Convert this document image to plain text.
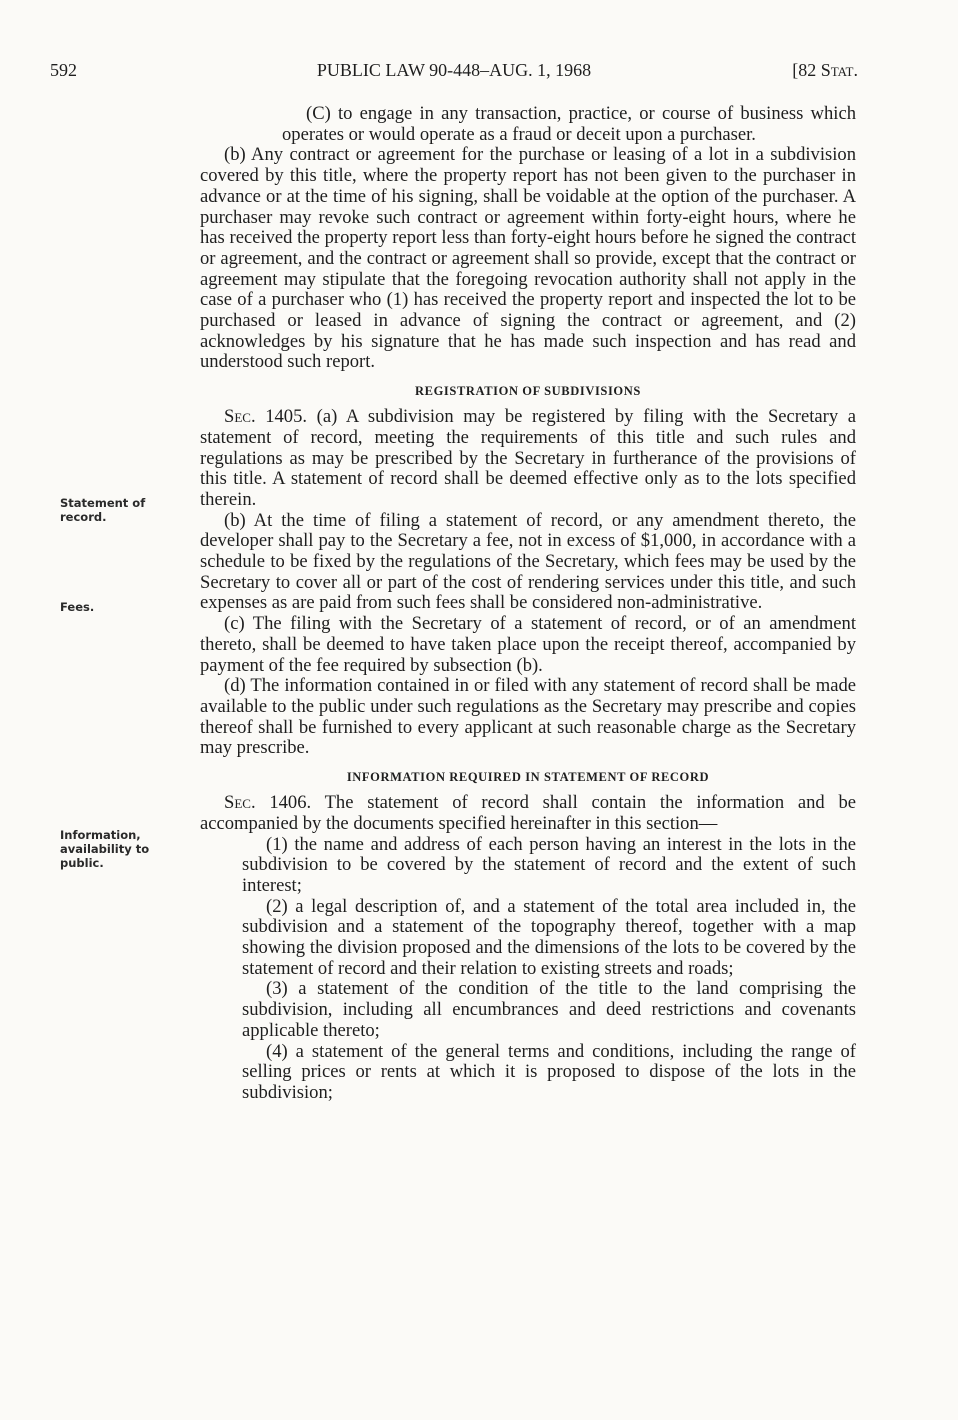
592	PUBLIC LAW 90-448–AUG. 1, 1968	[82 Stat.
Statement of record.
Fees.
Information, availability to public.

(C) to engage in any transaction, practice, or course of business which operates or would operate as a fraud or deceit upon a purchaser.

(b) Any contract or agreement for the purchase or leasing of a lot in a subdivision covered by this title, where the property report has not been given to the purchaser in advance or at the time of his signing, shall be voidable at the option of the purchaser. A purchaser may revoke such contract or agreement within forty-eight hours, where he has received the property report less than forty-eight hours before he signed the contract or agreement, and the contract or agreement shall so provide, except that the contract or agreement may stipulate that the foregoing revocation authority shall not apply in the case of a purchaser who (1) has received the property report and inspected the lot to be purchased or leased in advance of signing the contract or agreement, and (2) acknowledges by his signature that he has made such inspection and has read and understood such report.

REGISTRATION OF SUBDIVISIONS

Sec. 1405. (a) A subdivision may be registered by filing with the Secretary a statement of record, meeting the requirements of this title and such rules and regulations as may be prescribed by the Secretary in furtherance of the provisions of this title. A statement of record shall be deemed effective only as to the lots specified therein.

(b) At the time of filing a statement of record, or any amendment thereto, the developer shall pay to the Secretary a fee, not in excess of $1,000, in accordance with a schedule to be fixed by the regulations of the Secretary, which fees may be used by the Secretary to cover all or part of the cost of rendering services under this title, and such expenses as are paid from such fees shall be considered non-administrative.

(c) The filing with the Secretary of a statement of record, or of an amendment thereto, shall be deemed to have taken place upon the receipt thereof, accompanied by payment of the fee required by subsection (b).

(d) The information contained in or filed with any statement of record shall be made available to the public under such regulations as the Secretary may prescribe and copies thereof shall be furnished to every applicant at such reasonable charge as the Secretary may prescribe.

INFORMATION REQUIRED IN STATEMENT OF RECORD

Sec. 1406. The statement of record shall contain the information and be accompanied by the documents specified hereinafter in this section—

(1) the name and address of each person having an interest in the lots in the subdivision to be covered by the statement of record and the extent of such interest;

(2) a legal description of, and a statement of the total area included in, the subdivision and a statement of the topography thereof, together with a map showing the division proposed and the dimensions of the lots to be covered by the statement of record and their relation to existing streets and roads;

(3) a statement of the condition of the title to the land comprising the subdivision, including all encumbrances and deed restrictions and covenants applicable thereto;

(4) a statement of the general terms and conditions, including the range of selling prices or rents at which it is proposed to dispose of the lots in the subdivision;
